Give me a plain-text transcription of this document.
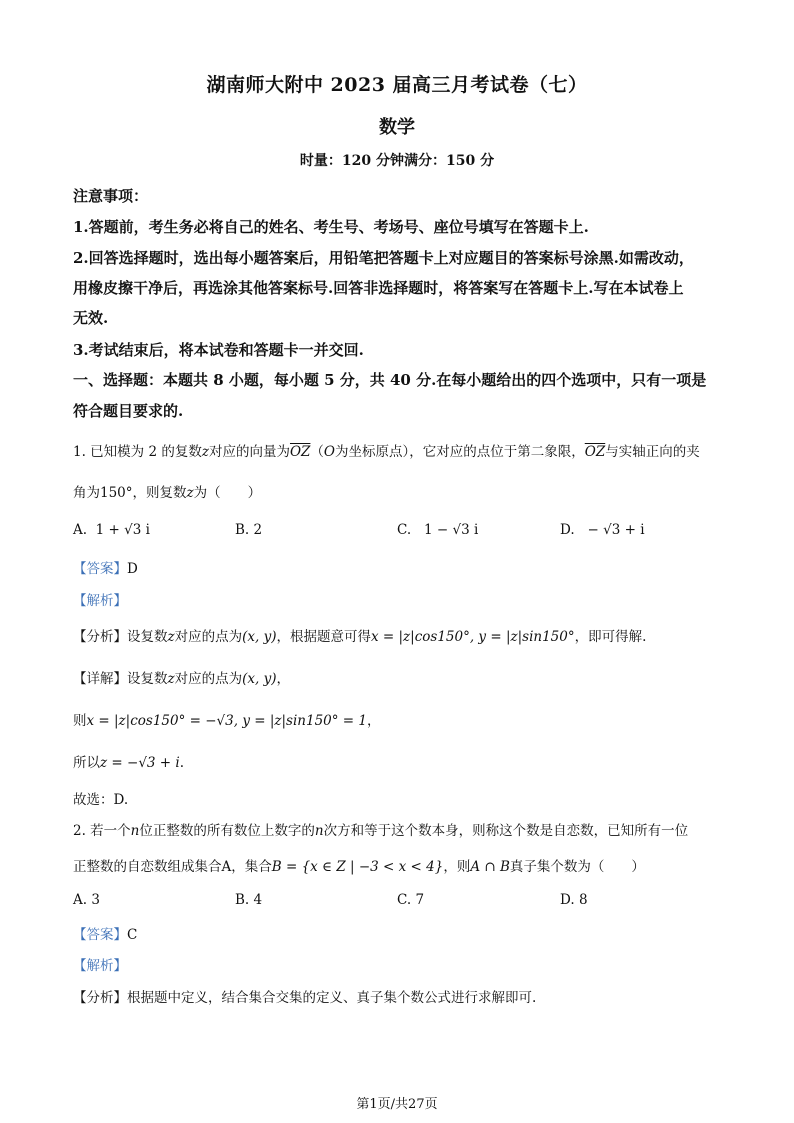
湖南师大附中 2023 届高三月考试卷（七）
数学
时量：120 分钟满分：150 分
注意事项：
1.答题前，考生务必将自己的姓名、考生号、考场号、座位号填写在答题卡上.
2.回答选择题时，选出每小题答案后，用铅笔把答题卡上对应题目的答案标号涂黑.如需改动，
用橡皮擦干净后，再选涂其他答案标号.回答非选择题时，将答案写在答题卡上.写在本试卷上
无效.
3.考试结束后，将本试卷和答题卡一并交回.
一、选择题：本题共 8 小题，每小题 5 分，共 40 分.在每小题给出的四个选项中，只有一项是
符合题目要求的.
1. 已知模为 2 的复数z对应的向量为$\overline{OZ}(O$为坐标原点），它对应的点位于第二象限，$\overline{OZ}$与实轴正向的夹
角为150°，则复数z为（　　）
A. 1 + √3 i	B. 2	C. 1 − √3 i	D. − √3 + i
【答案】D
【解析】
【分析】设复数z对应的点为(x, y)，根据题意可得x = |z|cos150°, y = |z|sin150°，即可得解.
【详解】设复数z对应的点为(x, y)，
则x = |z|cos150° = −√3, y = |z|sin150° = 1，
所以z = −√3 + i.
故选：D.
2. 若一个n位正整数的所有数位上数字的n次方和等于这个数本身，则称这个数是自恋数，已知所有一位
正整数的自恋数组成集合A，集合B = {x ∈ Z | −3 < x < 4}，则A ∩ B真子集个数为（　　）
A. 3	B. 4	C. 7	D. 8
【答案】C
【解析】
【分析】根据题中定义，结合集合交集的定义、真子集个数公式进行求解即可.
第1页/共27页
